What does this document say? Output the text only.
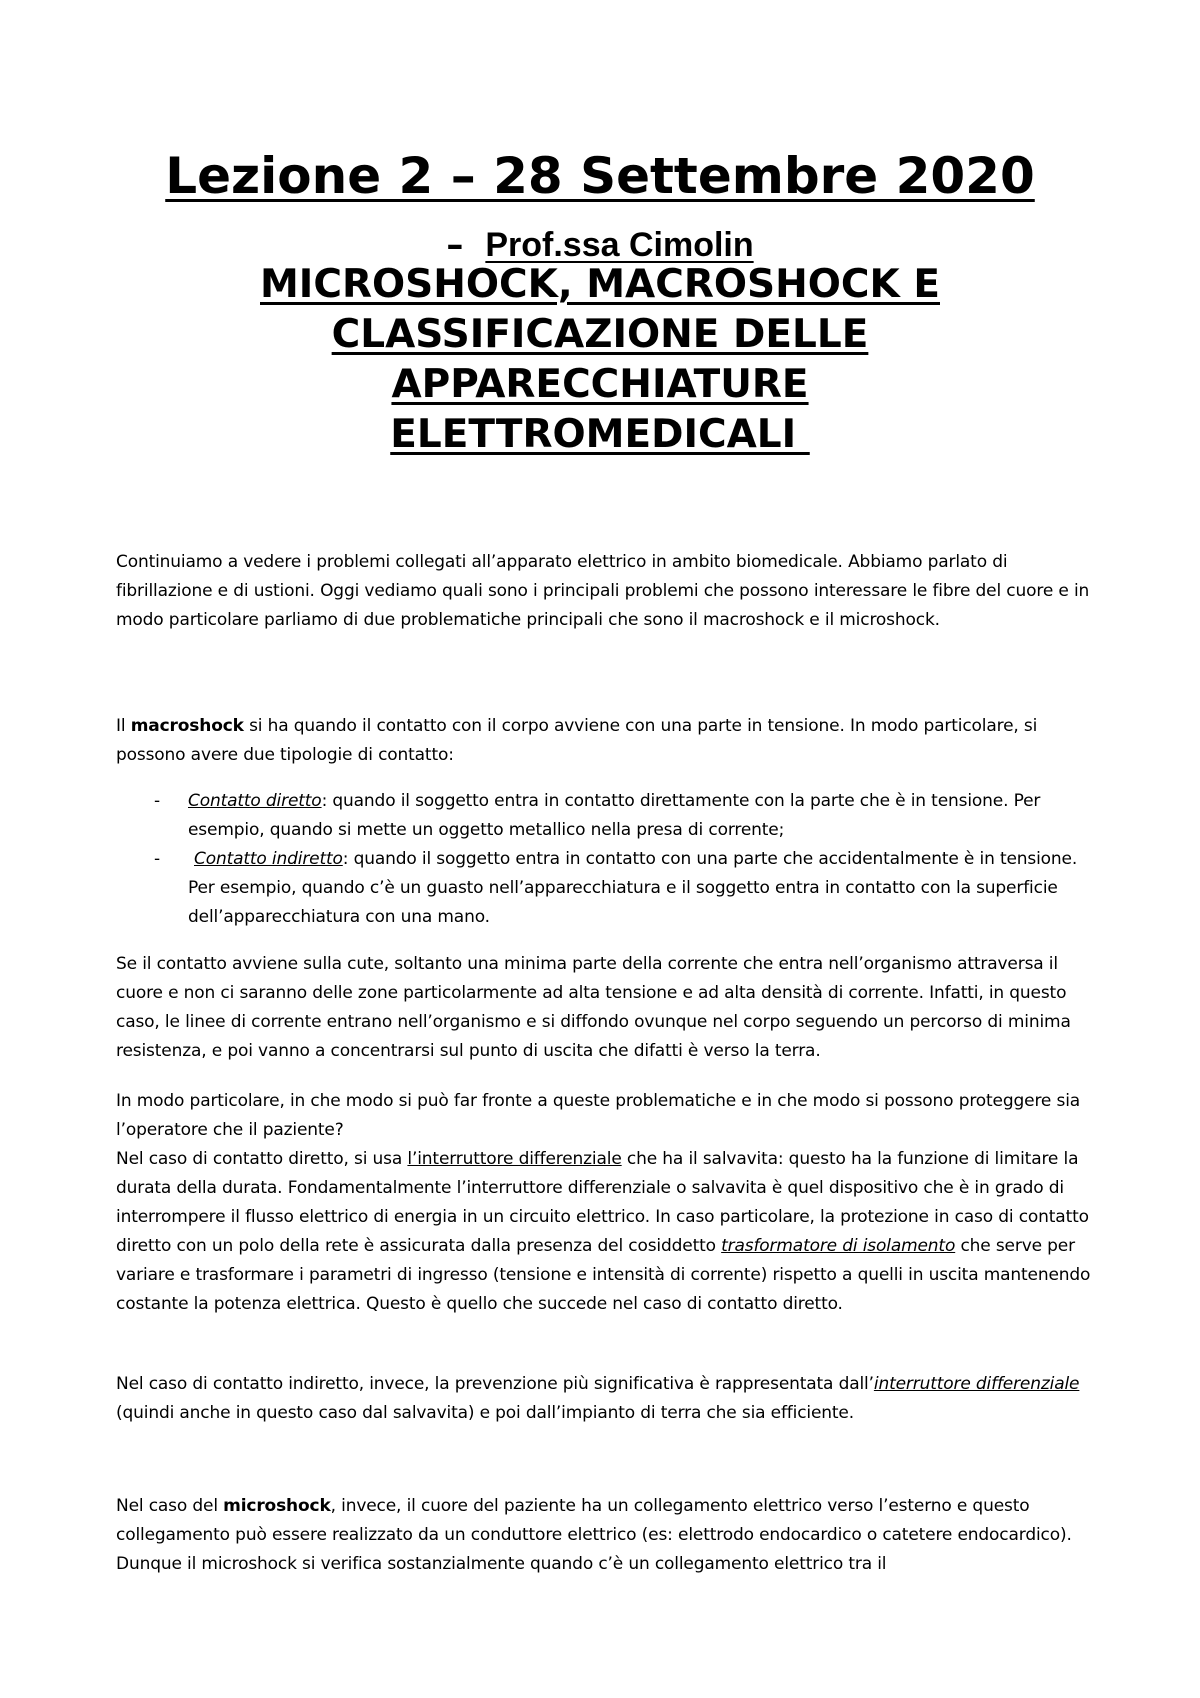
Lezione 2 – 28 Settembre 2020
– Prof.ssa Cimolin
MICROSHOCK, MACROSHOCK E
CLASSIFICAZIONE DELLE
APPARECCHIATURE
ELETTROMEDICALI

Continuiamo a vedere i problemi collegati all’apparato elettrico in ambito biomedicale. Abbiamo parlato di fibrillazione e di ustioni. Oggi vediamo quali sono i principali problemi che possono interessare le fibre del cuore e in modo particolare parliamo di due problematiche principali che sono il macroshock e il microshock.

Il macroshock si ha quando il contatto con il corpo avviene con una parte in tensione. In modo particolare, si possono avere due tipologie di contatto:

- Contatto diretto: quando il soggetto entra in contatto direttamente con la parte che è in tensione. Per esempio, quando si mette un oggetto metallico nella presa di corrente;
-	Contatto indiretto: quando il soggetto entra in contatto con una parte che accidentalmente è in tensione. Per esempio, quando c’è un guasto nell’apparecchiatura e il soggetto entra in contatto con la superficie dell’apparecchiatura con una mano.

Se il contatto avviene sulla cute, soltanto una minima parte della corrente che entra nell’organismo attraversa il cuore e non ci saranno delle zone particolarmente ad alta tensione e ad alta densità di corrente. Infatti, in questo caso, le linee di corrente entrano nell’organismo e si diffondo ovunque nel corpo seguendo un percorso di minima resistenza, e poi vanno a concentrarsi sul punto di uscita che difatti è verso la terra.

In modo particolare, in che modo si può far fronte a queste problematiche e in che modo si possono proteggere sia l’operatore che il paziente?

Nel caso di contatto diretto, si usa l’interruttore differenziale che ha il salvavita: questo ha la funzione di limitare la durata della durata. Fondamentalmente l’interruttore differenziale o salvavita è quel dispositivo che è in grado di interrompere il flusso elettrico di energia in un circuito elettrico. In caso particolare, la protezione in caso di contatto diretto con un polo della rete è assicurata dalla presenza del cosiddetto trasformatore di isolamento che serve per variare e trasformare i parametri di ingresso (tensione e intensità di corrente) rispetto a quelli in uscita mantenendo costante la potenza elettrica. Questo è quello che succede nel caso di contatto diretto.

Nel caso di contatto indiretto, invece, la prevenzione più significativa è rappresentata dall’interruttore differenziale (quindi anche in questo caso dal salvavita) e poi dall’impianto di terra che sia efficiente.

Nel caso del microshock, invece, il cuore del paziente ha un collegamento elettrico verso l’esterno e questo collegamento può essere realizzato da un conduttore elettrico (es: elettrodo endocardico o catetere endocardico). Dunque il microshock si verifica sostanzialmente quando c’è un collegamento elettrico tra il
